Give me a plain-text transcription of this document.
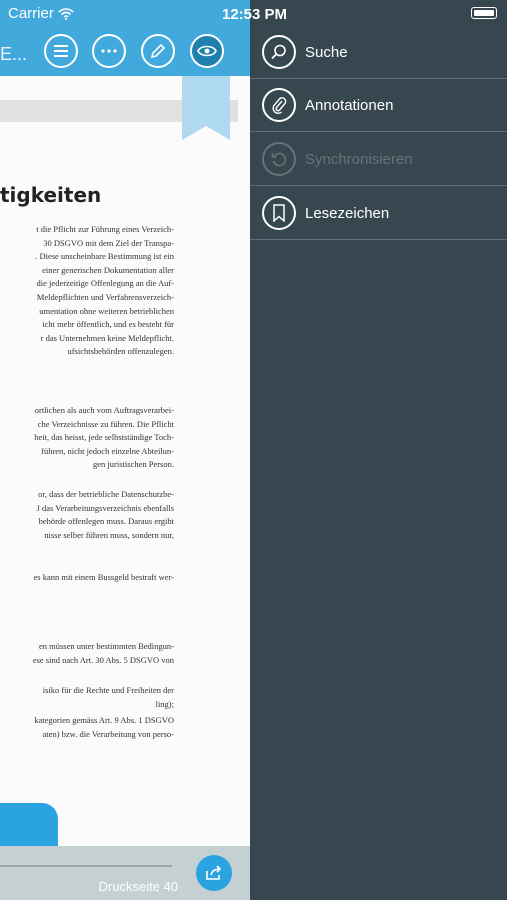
E...
tigkeiten
t die Pflicht zur Führung eines Verzeich-
30 DSGVO mit dem Ziel der Transpa-
. Diese unscheinbare Bestimmung ist ein
einer generischen Dokumentation aller
die jederzeitige Offenlegung an die Auf-
Meldepflichten und Verfahrensverzeich-
umentation ohne weiteren betrieblichen
icht mehr öffentlich, und es besteht für
r das Unternehmen keine Meldepflicht.
ufsichtsbehörden offenzulegen.
ortlichen als auch vom Auftragsverarbei-
che Verzeichnisse zu führen. Die Pflicht
heit, das heisst, jede selbstständige Toch-
führen, nicht jedoch einzelne Abteilun-
gen juristischen Person.
or, dass der betriebliche Datenschutzbe-
J das Verarbeitungsverzeichnis ebenfalls
behörde offenlegen muss. Daraus ergibt
nisse selber führen muss, sondern nur,
es kann mit einem Bussgeld bestraft wer-
en müssen unter bestimmten Bedingun-
ese sind nach Art. 30 Abs. 5 DSGVO von
isiko für die Rechte und Freiheiten der
ling);
kategorien gemäss Art. 9 Abs. 1 DSGVO
aten) bzw. die Verarbeitung von perso-
Druckseite 40
Carrier	12:53 PM
Suche
Annotationen
Synchronisieren
Lesezeichen
